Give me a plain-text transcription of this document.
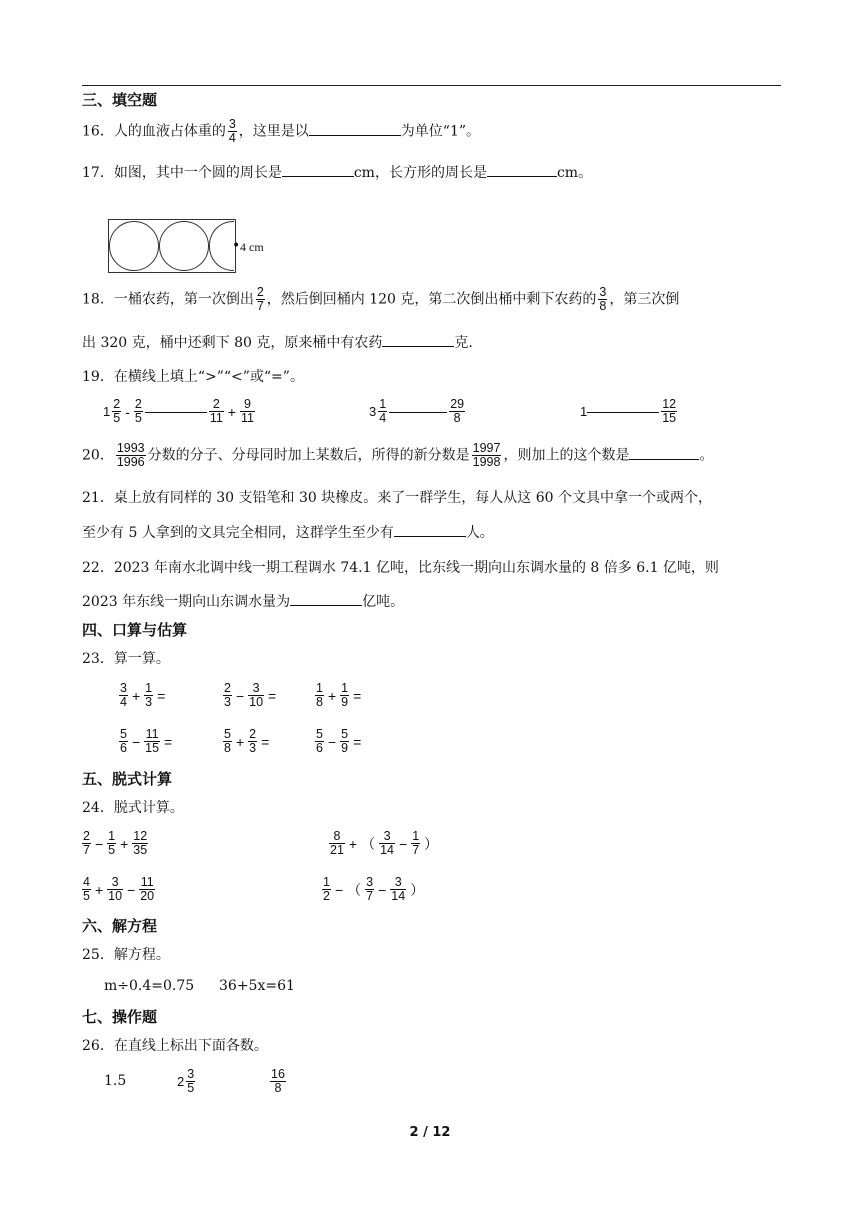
三、填空题
16．人的血液占体重的 $\frac{3}{4}$ ，这里是以	为单位“1”。
17．如图，其中一个圆的周长是	cm，长方形的周长是	cm。
• 4 cm
18．一桶农药，第一次倒出 $\frac{2}{7}$ ，然后倒回桶内 120 克，第二次倒出桶中剩下农药的 $\frac{3}{8}$ ，第三次倒
出 320 克，桶中还剩下 80 克，原来桶中有农药	克.
19．在横线上填上“>”“<”或“=”。
$1 \frac{2}{5} - \frac{2}{5}$	$\frac{2}{11} + \frac{9}{11}$	$3 \frac{1}{4}$	$\frac{29}{8}$	1	$\frac{12}{15}$
20． $\frac{1993}{1996}$ 分数的分子、分母同时加上某数后，所得的新分数是 $\frac{1997}{1998}$ ，则加上的这个数是	。
21．桌上放有同样的 30 支铅笔和 30 块橡皮。来了一群学生，每人从这 60 个文具中拿一个或两个，
至少有 5 人拿到的文具完全相同，这群学生至少有	人。
22．2023 年南水北调中线一期工程调水 74.1 亿吨，比东线一期向山东调水量的 8 倍多 6.1 亿吨，则
2023 年东线一期向山东调水量为	亿吨。
四、口算与估算
23．算一算。
$\frac{3}{4} + \frac{1}{3}$ =	$\frac{2}{3} - \frac{3}{10}$ =	$\frac{1}{8} + \frac{1}{9}$ =
$\frac{5}{6} - \frac{11}{15}$ =	$\frac{5}{8} + \frac{2}{3}$ =	$\frac{5}{6} - \frac{5}{9}$ =
五、脱式计算
24．脱式计算。
$\frac{2}{7} - \frac{1}{5} + \frac{12}{35}$	$\frac{8}{21}$ + （ $\frac{3}{14} - \frac{1}{7}$ ）
$\frac{4}{5} + \frac{3}{10} - \frac{11}{20}$	$\frac{1}{2}$ − （ $\frac{3}{7} - \frac{3}{14}$ ）
六、解方程
25．解方程。
m÷0.4=0.75 36+5x=61
七、操作题
26．在直线上标出下面各数。
1.5	$2 \frac{3}{5}$	$\frac{16}{8}$
2 / 12
